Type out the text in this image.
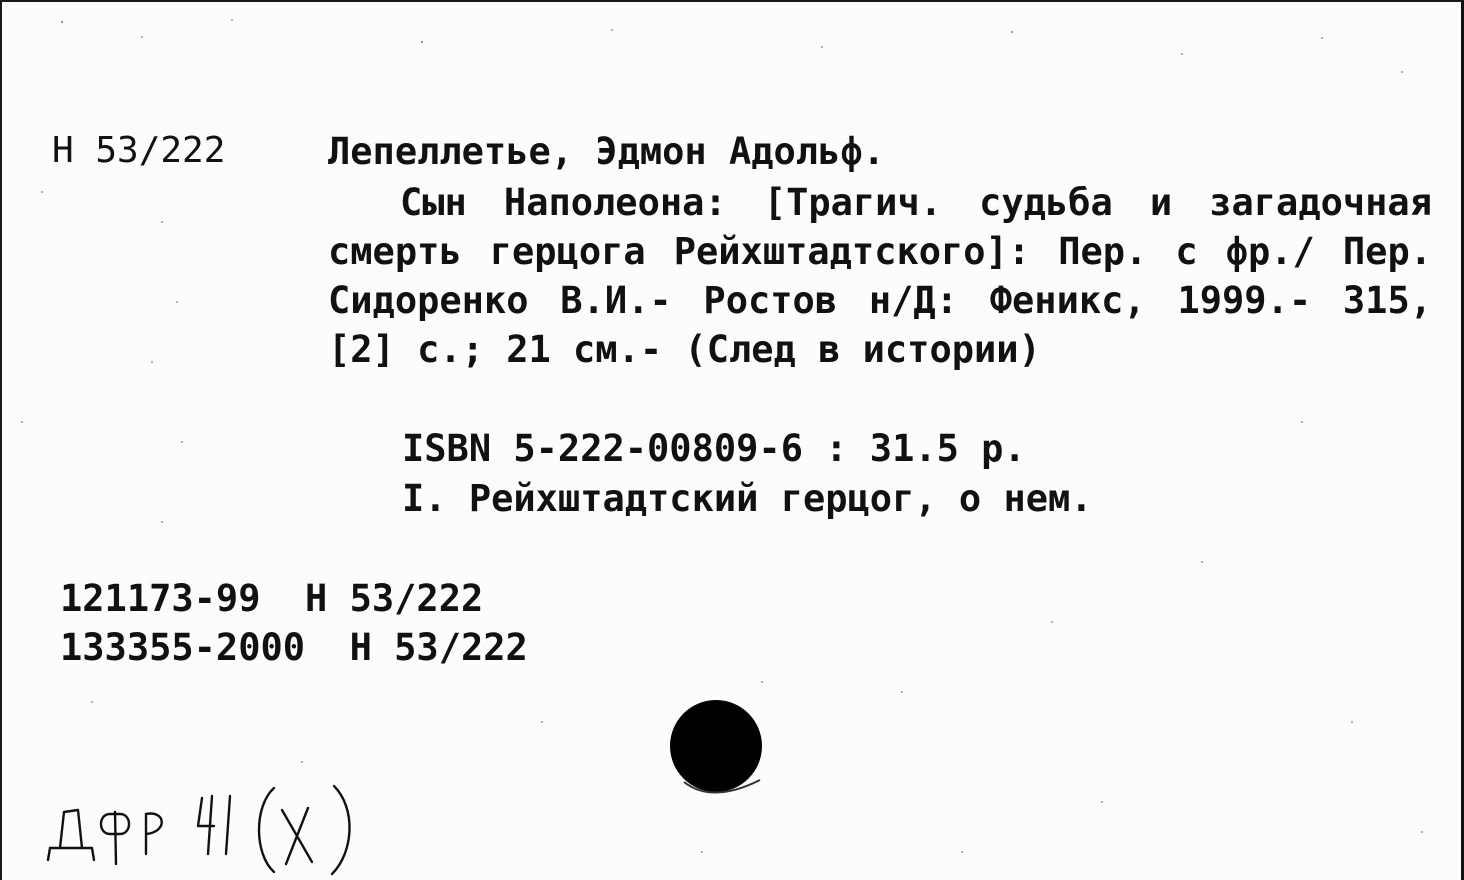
Н 53/222	Лепеллетье, Эдмон Адольф.
Сын Наполеона: [Трагич. судьба и загадочная смерть герцога Рейхштадтского]: Пер. с фр./ Пер. Сидоренко В.И.- Ростов н/Д: Феникс, 1999.- 315, [2] с.; 21 см.- (След в истории)
ISBN 5-222-00809-6 : 31.5 р.
I. Рейхштадтский герцог, о нем.
121173-99 Н 53/222
133355-2000 Н 53/222
